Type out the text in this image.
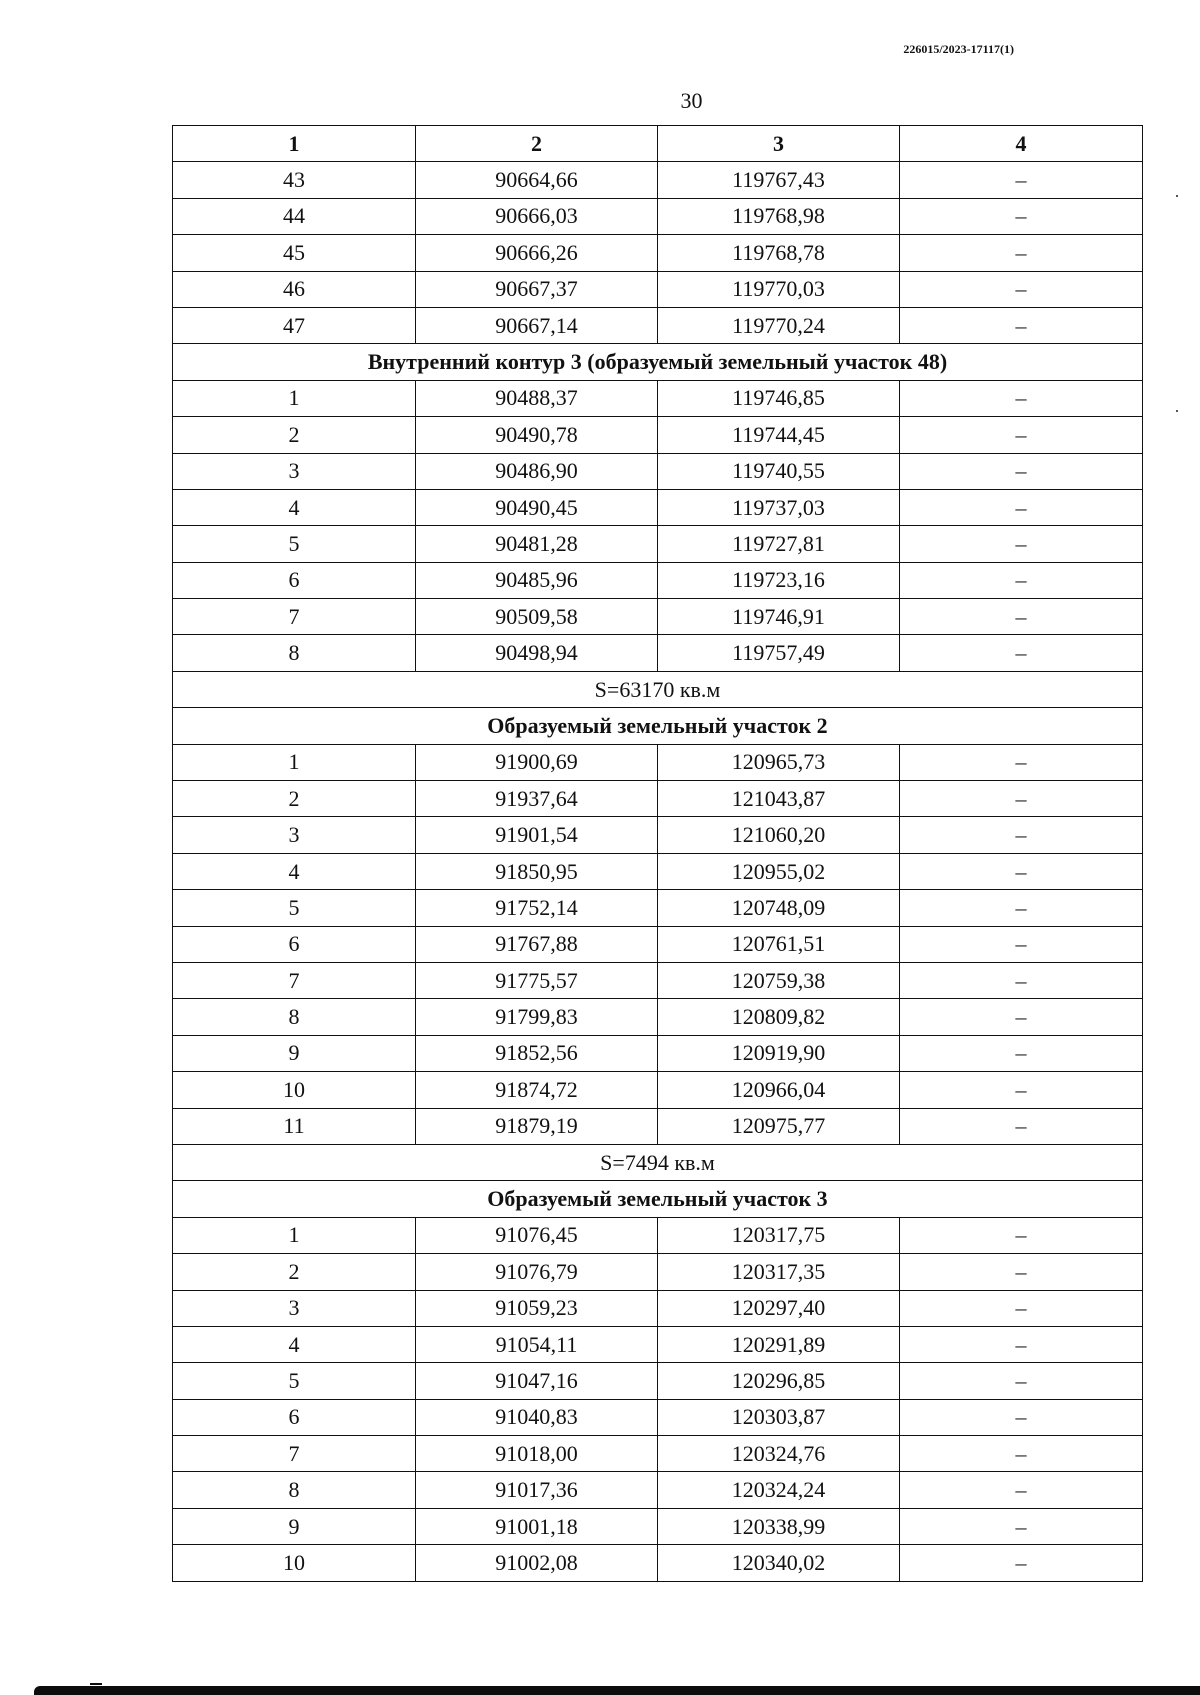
226015/2023-17117(1)
30
1	2	3	4
43	90664,66	119767,43	–
44	90666,03	119768,98	–
45	90666,26	119768,78	–
46	90667,37	119770,03	–
47	90667,14	119770,24	–
Внутренний контур 3 (образуемый земельный участок 48)			
1	90488,37	119746,85	–
2	90490,78	119744,45	–
3	90486,90	119740,55	–
4	90490,45	119737,03	–
5	90481,28	119727,81	–
6	90485,96	119723,16	–
7	90509,58	119746,91	–
8	90498,94	119757,49	–
S=63170 кв.м			
Образуемый земельный участок 2			
1	91900,69	120965,73	–
2	91937,64	121043,87	–
3	91901,54	121060,20	–
4	91850,95	120955,02	–
5	91752,14	120748,09	–
6	91767,88	120761,51	–
7	91775,57	120759,38	–
8	91799,83	120809,82	–
9	91852,56	120919,90	–
10	91874,72	120966,04	–
11	91879,19	120975,77	–
S=7494 кв.м			
Образуемый земельный участок 3			
1	91076,45	120317,75	–
2	91076,79	120317,35	–
3	91059,23	120297,40	–
4	91054,11	120291,89	–
5	91047,16	120296,85	–
6	91040,83	120303,87	–
7	91018,00	120324,76	–
8	91017,36	120324,24	–
9	91001,18	120338,99	–
10	91002,08	120340,02	–
